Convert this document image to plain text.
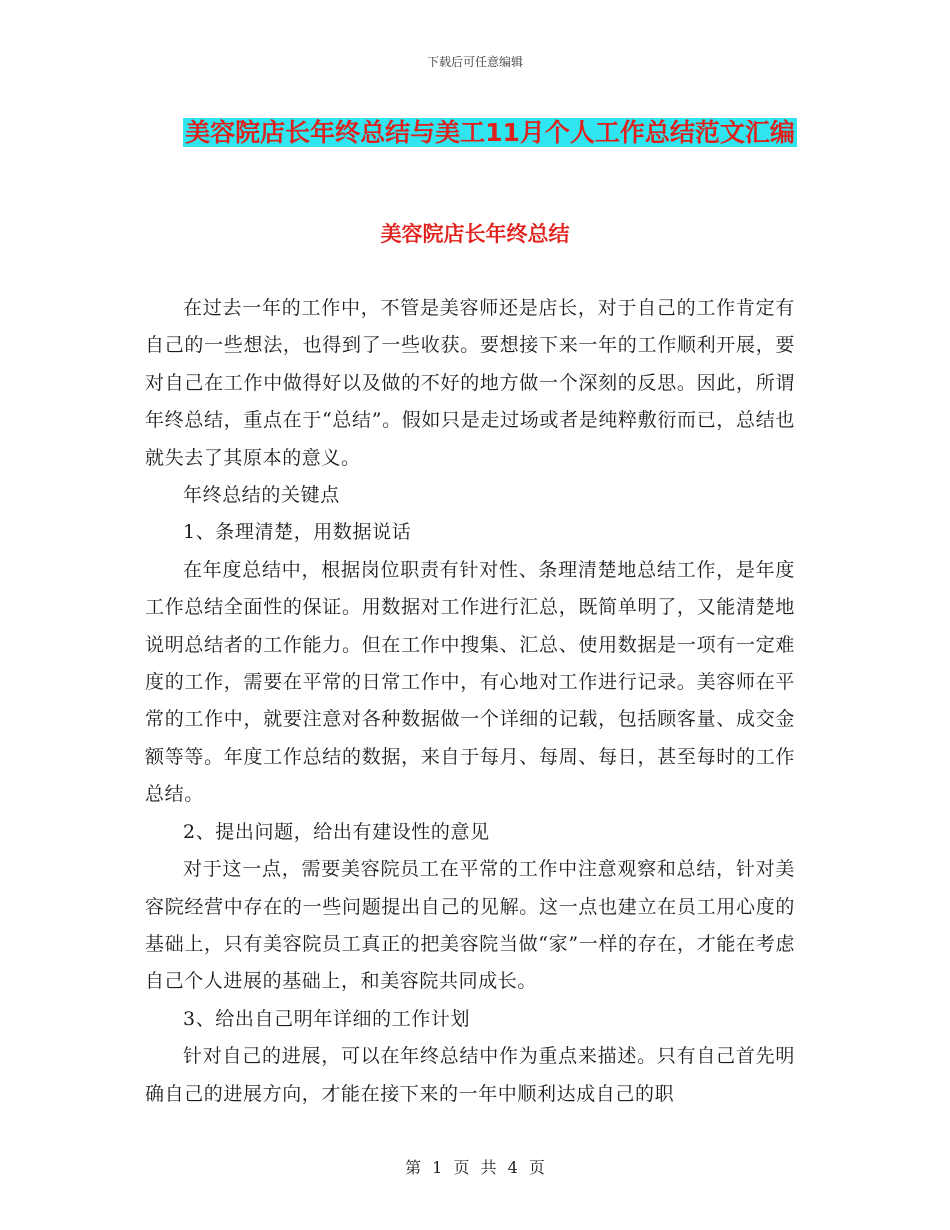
下载后可任意编辑
美容院店长年终总结与美工11月个人工作总结范文汇编
美容院店长年终总结

在过去一年的工作中，不管是美容师还是店长，对于自己的工作肯定有自己的一些想法，也得到了一些收获。要想接下来一年的工作顺利开展，要对自己在工作中做得好以及做的不好的地方做一个深刻的反思。因此，所谓年终总结，重点在于“总结”。假如只是走过场或者是纯粹敷衍而已，总结也就失去了其原本的意义。

年终总结的关键点

1、条理清楚，用数据说话

在年度总结中，根据岗位职责有针对性、条理清楚地总结工作，是年度工作总结全面性的保证。用数据对工作进行汇总，既简单明了，又能清楚地说明总结者的工作能力。但在工作中搜集、汇总、使用数据是一项有一定难度的工作，需要在平常的日常工作中，有心地对工作进行记录。美容师在平常的工作中，就要注意对各种数据做一个详细的记载，包括顾客量、成交金额等等。年度工作总结的数据，来自于每月、每周、每日，甚至每时的工作总结。

2、提出问题，给出有建设性的意见

对于这一点，需要美容院员工在平常的工作中注意观察和总结，针对美容院经营中存在的一些问题提出自己的见解。这一点也建立在员工用心度的基础上，只有美容院员工真正的把美容院当做“家”一样的存在，才能在考虑自己个人进展的基础上，和美容院共同成长。

3、给出自己明年详细的工作计划

针对自己的进展，可以在年终总结中作为重点来描述。只有自己首先明确自己的进展方向，才能在接下来的一年中顺利达成自己的职

第 1 页 共 4 页
